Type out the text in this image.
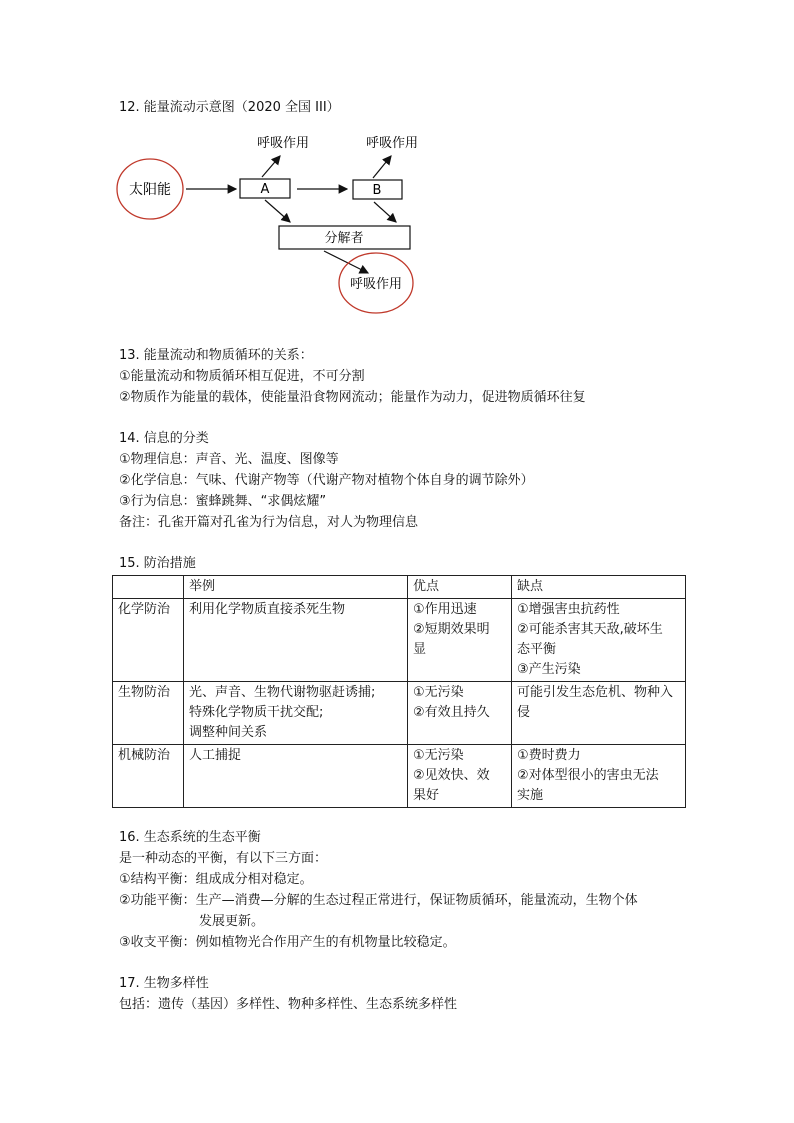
12. 能量流动示意图（2020 全国 III）
太阳能	A	B
呼吸作用	呼吸作用
分解者
呼吸作用
13. 能量流动和物质循环的关系：
①能量流动和物质循环相互促进，不可分割
②物质作为能量的载体，使能量沿食物网流动；能量作为动力，促进物质循环往复
14. 信息的分类
①物理信息：声音、光、温度、图像等
②化学信息：气味、代谢产物等（代谢产物对植物个体自身的调节除外）
③行为信息：蜜蜂跳舞、“求偶炫耀”
备注：孔雀开篇对孔雀为行为信息，对人为物理信息
15. 防治措施
	举例	优点	缺点
化学防治	利用化学物质直接杀死生物	①作用迅速
②短期效果明
显	①增强害虫抗药性
②可能杀害其天敌,破坏生
态平衡
③产生污染

生物防治	光、声音、生物代谢物驱赶诱捕;
特殊化学物质干扰交配;
调整种间关系	①无污染
②有效且持久	可能引发生态危机、物种入
侵

机械防治	人工捕捉	①无污染
②见效快、效
果好	①费时费力
②对体型很小的害虫无法
实施
16. 生态系统的生态平衡
是一种动态的平衡，有以下三方面：
①结构平衡：组成成分相对稳定。
②功能平衡：生产—消费—分解的生态过程正常进行，保证物质循环，能量流动，生物个体
发展更新。
③收支平衡：例如植物光合作用产生的有机物量比较稳定。
17. 生物多样性
包括：遗传（基因）多样性、物种多样性、生态系统多样性
